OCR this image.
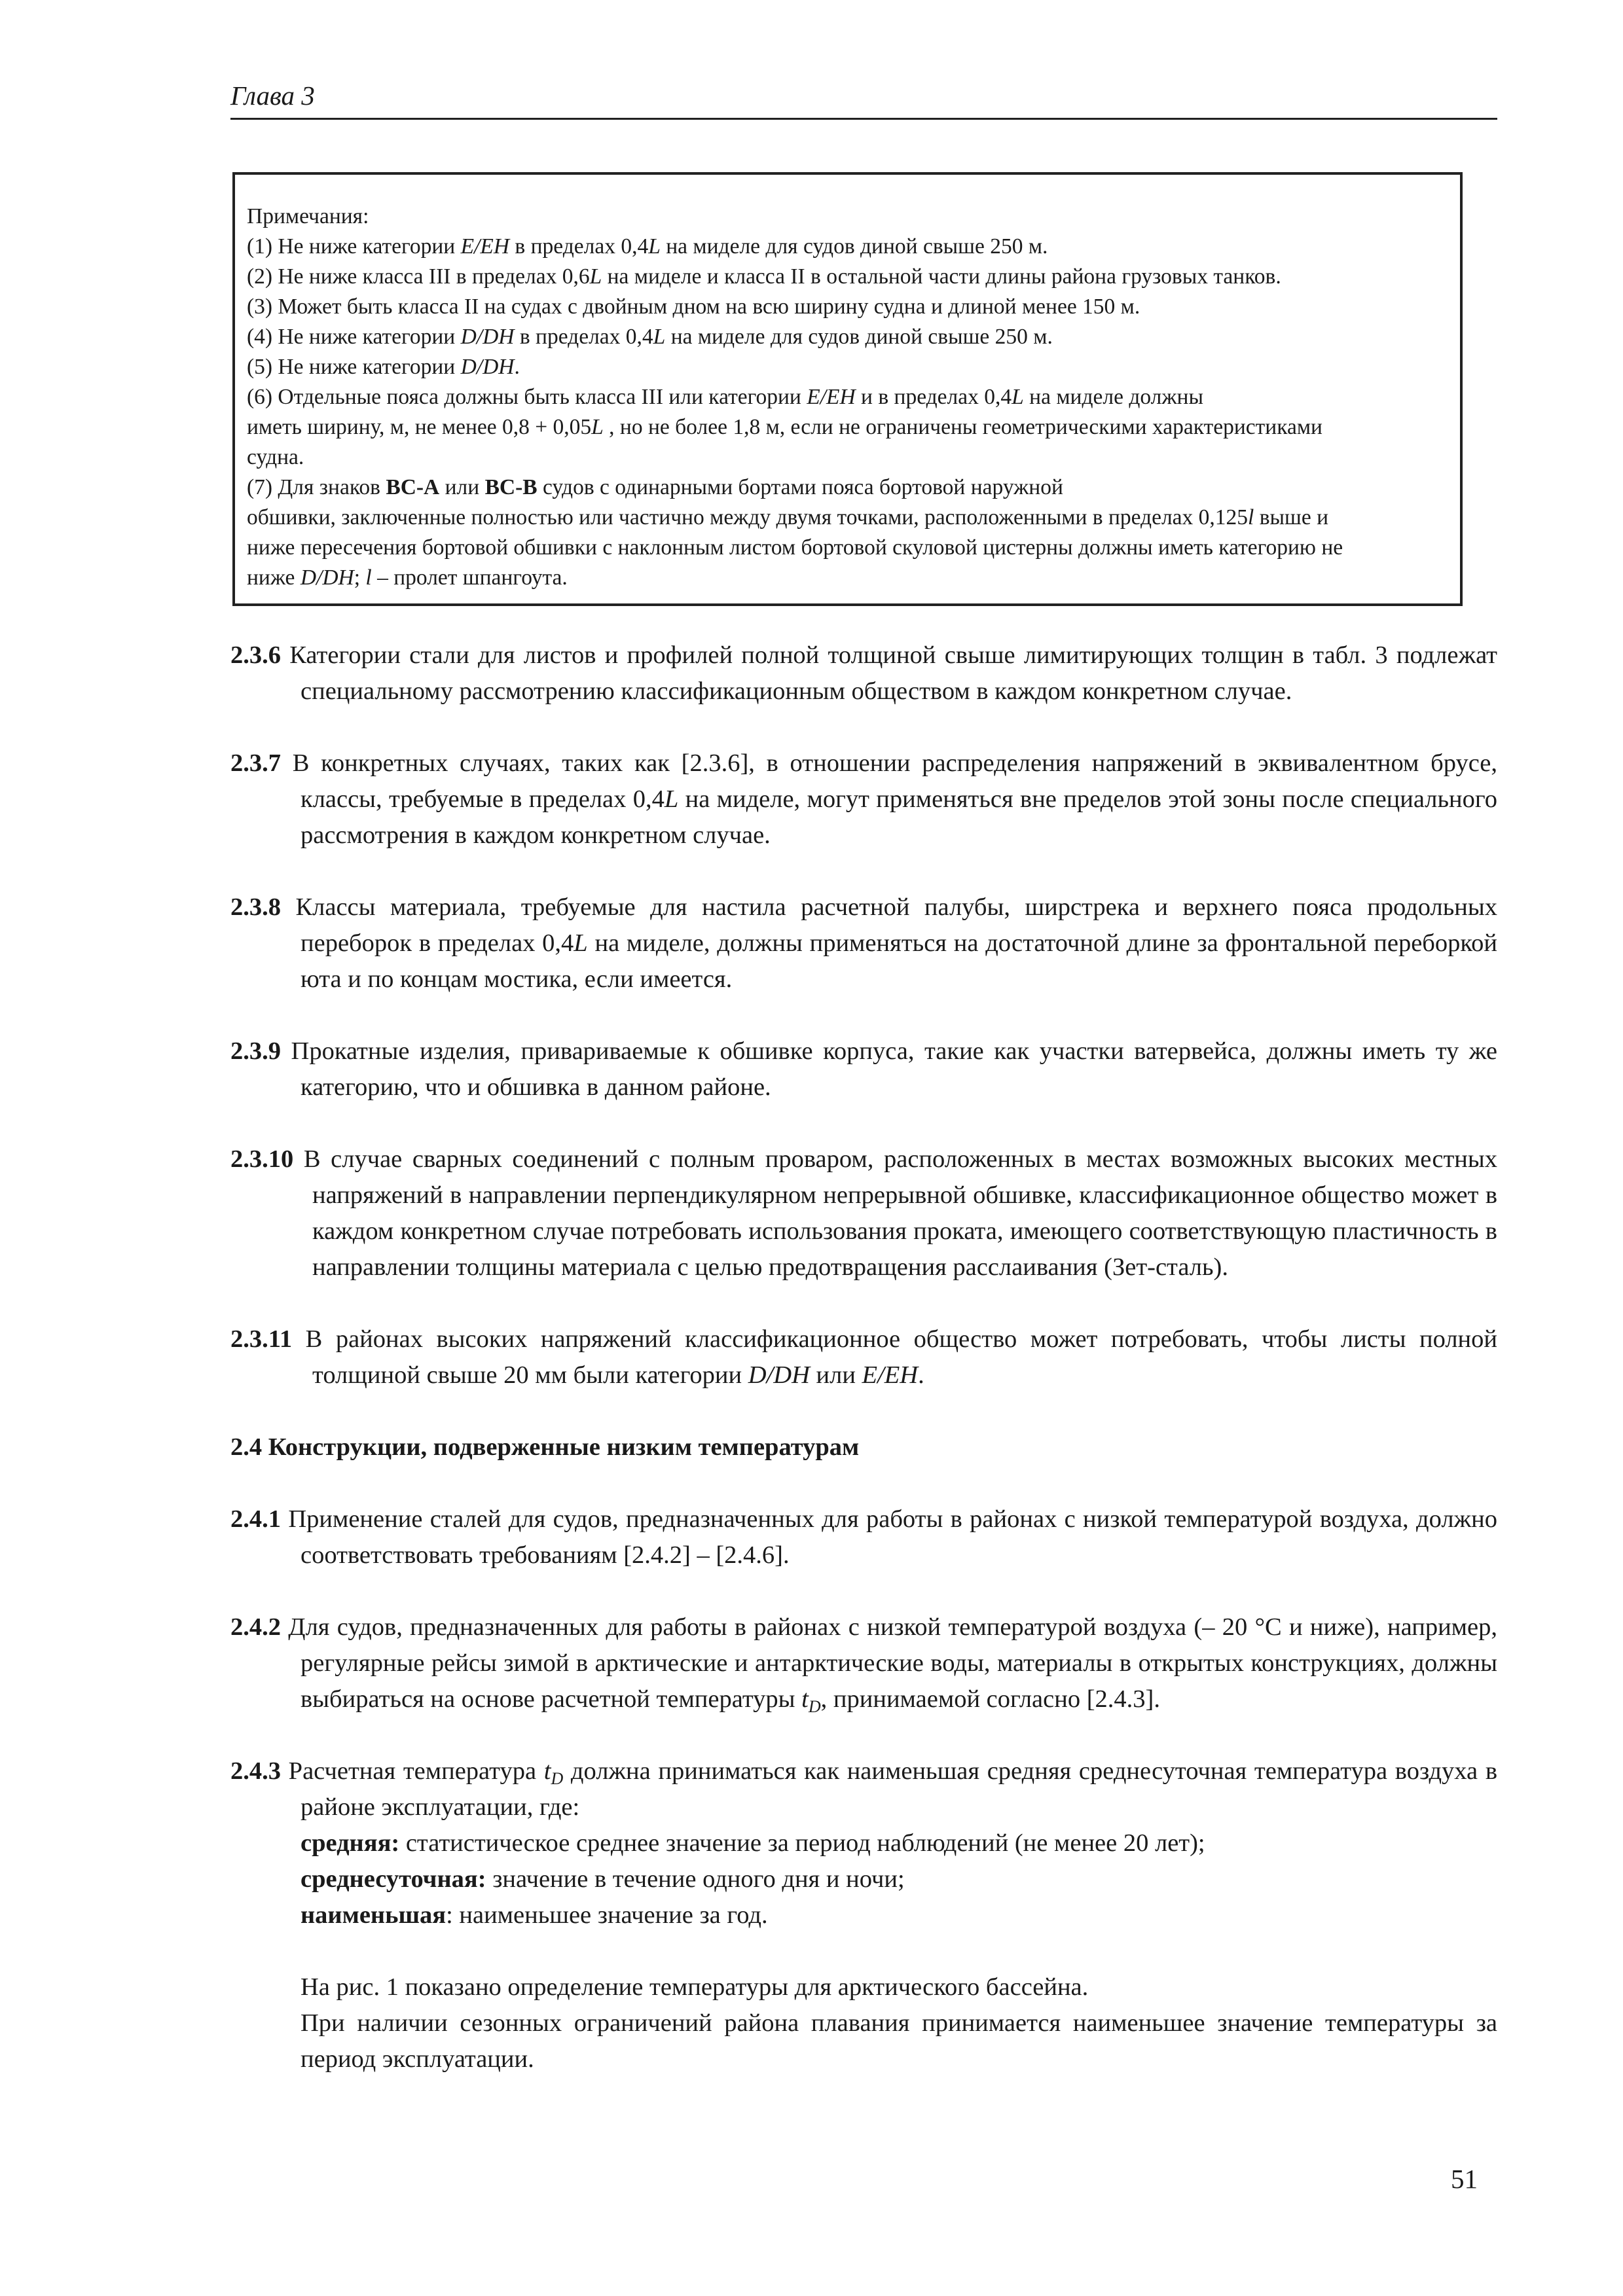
Глава 3

Примечания:

(1) Не ниже категории E/EH в пределах 0,4L на миделе для судов диной свыше 250 м.

(2) Не ниже класса III в пределах 0,6L на миделе и класса II в остальной части длины района грузовых танков.

(3) Может быть класса II на судах с двойным дном на всю ширину судна и длиной менее 150 м.

(4) Не ниже категории D/DH в пределах 0,4L на миделе для судов диной свыше 250 м.

(5) Не ниже категории D/DH.

(6) Отдельные пояса должны быть класса III или категории E/EH и в пределах 0,4L на миделе должны

иметь ширину, м, не менее 0,8 + 0,05L , но не более 1,8 м, если не ограничены геометрическими характеристиками

судна.

(7) Для знаков BC-A или BC-B судов с одинарными бортами пояса бортовой наружной

обшивки, заключенные полностью или частично между двумя точками, расположенными в пределах 0,125l выше и

ниже пересечения бортовой обшивки с наклонным листом бортовой скуловой цистерны должны иметь категорию не

ниже D/DH; l – пролет шпангоута.

2.3.6 Категории стали для листов и профилей полной толщиной свыше лимитирующих толщин в табл. 3 подлежат специальному рассмотрению классификационным обществом в каждом конкретном случае.

2.3.7 В конкретных случаях, таких как [2.3.6], в отношении распределения напряжений в эквивалентном брусе, классы, требуемые в пределах 0,4L на миделе, могут применяться вне пределов этой зоны после специального рассмотрения в каждом конкретном случае.

2.3.8 Классы материала, требуемые для настила расчетной палубы, ширстрека и верхнего пояса продольных переборок в пределах 0,4L на миделе, должны применяться на достаточной длине за фронтальной переборкой юта и по концам мостика, если имеется.

2.3.9 Прокатные изделия, привариваемые к обшивке корпуса, такие как участки ватервейса, должны иметь ту же категорию, что и обшивка в данном районе.

2.3.10 В случае сварных соединений с полным проваром, расположенных в местах возможных высоких местных напряжений в направлении перпендикулярном непрерывной обшивке, классификационное общество может в каждом конкретном случае потребовать использования проката, имеющего соответствующую пластичность в направлении толщины материала с целью предотвращения расслаивания (Зет-сталь).

2.3.11 В районах высоких напряжений классификационное общество может потребовать, чтобы листы полной толщиной свыше 20 мм были категории D/DH или E/EH.

2.4 Конструкции, подверженные низким температурам

2.4.1 Применение сталей для судов, предназначенных для работы в районах с низкой температурой воздуха, должно соответствовать требованиям [2.4.2] – [2.4.6].

2.4.2 Для судов, предназначенных для работы в районах с низкой температурой воздуха (– 20 °С и ниже), например, регулярные рейсы зимой в арктические и антарктические воды, материалы в открытых конструкциях, должны выбираться на основе расчетной температуры $t_D$, принимаемой согласно [2.4.3].

2.4.3 Расчетная температура $t_D$ должна приниматься как наименьшая средняя среднесуточная температура воздуха в районе эксплуатации, где:

средняя: статистическое среднее значение за период наблюдений (не менее 20 лет);

среднесуточная: значение в течение одного дня и ночи;

наименьшая: наименьшее значение за год.

На рис. 1 показано определение температуры для арктического бассейна.

При наличии сезонных ограничений района плавания принимается наименьшее значение температуры за период эксплуатации.

51
